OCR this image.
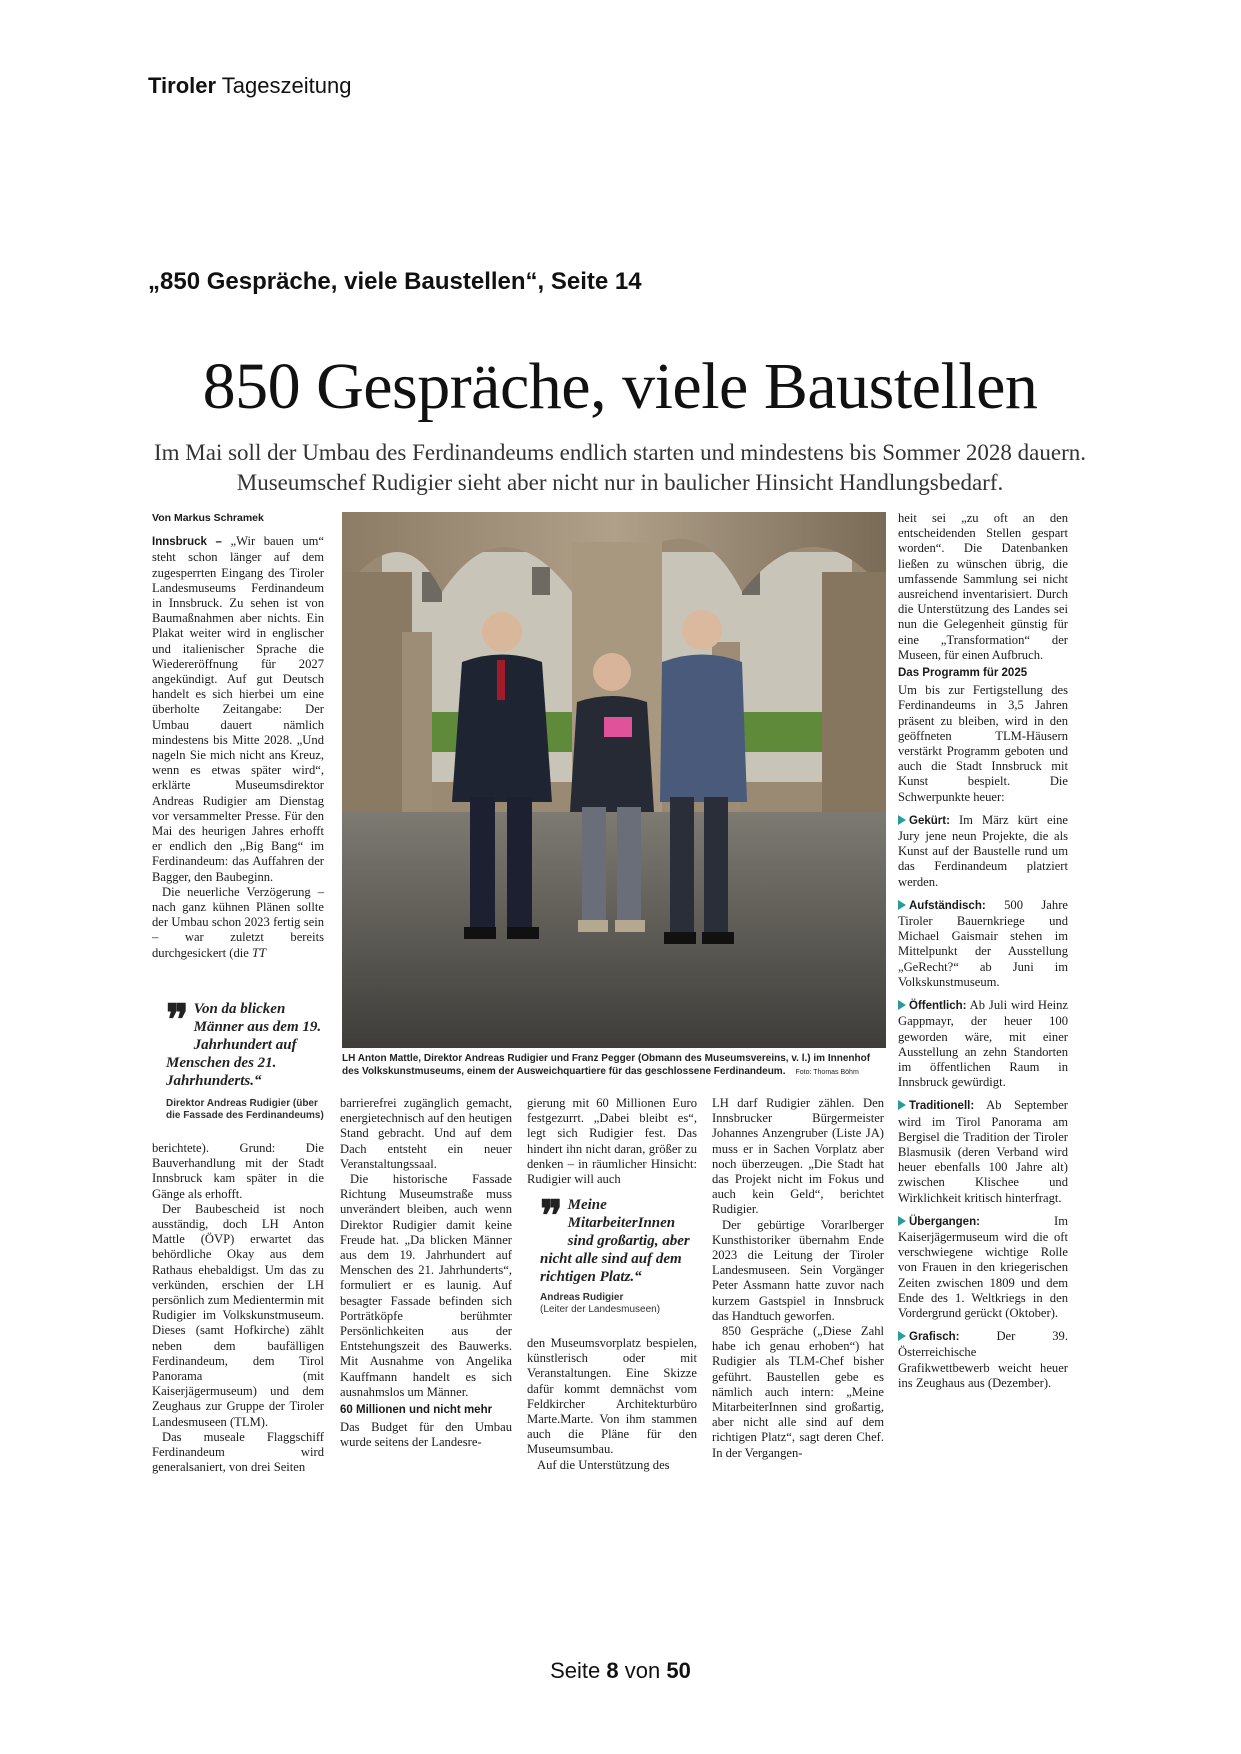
Tiroler Tageszeitung
„850 Gespräche, viele Baustellen“, Seite 14
850 Gespräche, viele Baustellen
Im Mai soll der Umbau des Ferdinandeums endlich starten und mindestens bis Sommer 2028 dauern. Museumschef Rudigier sieht aber nicht nur in baulicher Hinsicht Handlungsbedarf.
Von Markus Schramek

Innsbruck – „Wir bauen um“ steht schon länger auf dem zugesperrten Eingang des Tiroler Landesmuseums Ferdinandeum in Innsbruck. Zu sehen ist von Baumaßnahmen aber nichts. Ein Plakat weiter wird in englischer und italienischer Sprache die Wiedereröffnung für 2027 angekündigt. Auf gut Deutsch handelt es sich hierbei um eine überholte Zeitangabe: Der Umbau dauert nämlich mindestens bis Mitte 2028. „Und nageln Sie mich nicht ans Kreuz, wenn es etwas später wird“, erklärte Museumsdirektor Andreas Rudigier am Dienstag vor versammelter Presse. Für den Mai des heurigen Jahres erhofft er endlich den „Big Bang“ im Ferdinandeum: das Auffahren der Bagger, den Baubeginn.

Die neuerliche Verzögerung – nach ganz kühnen Plänen sollte der Umbau schon 2023 fertig sein – war zuletzt bereits durchgesickert (die TT

❞ Von da blicken Männer aus dem 19. Jahrhundert auf Menschen des 21. Jahrhunderts.“
Direktor Andreas Rudigier (über die Fassade des Ferdinandeums)

berichtete). Grund: Die Bauverhandlung mit der Stadt Innsbruck kam später in die Gänge als erhofft.

Der Baubescheid ist noch ausständig, doch LH Anton Mattle (ÖVP) erwartet das behördliche Okay aus dem Rathaus ehebaldigst. Um das zu verkünden, erschien der LH persönlich zum Medientermin mit Rudigier im Volkskunstmuseum. Dieses (samt Hofkirche) zählt neben dem baufälligen Ferdinandeum, dem Tirol Panorama (mit Kaiserjägermuseum) und dem Zeughaus zur Gruppe der Tiroler Landesmuseen (TLM).

Das museale Flaggschiff Ferdinandeum wird generalsaniert, von drei Seiten

LH Anton Mattle, Direktor Andreas Rudigier und Franz Pegger (Obmann des Museumsvereins, v. l.) im Innenhof des Volkskunstmuseums, einem der Ausweichquartiere für das geschlossene Ferdinandeum. Foto: Thomas Böhm

barrierefrei zugänglich gemacht, energietechnisch auf den heutigen Stand gebracht. Und auf dem Dach entsteht ein neuer Veranstaltungssaal.

Die historische Fassade Richtung Museumstraße muss unverändert bleiben, auch wenn Direktor Rudigier damit keine Freude hat. „Da blicken Männer aus dem 19. Jahrhundert auf Menschen des 21. Jahrhunderts“, formuliert er es launig. Auf besagter Fassade befinden sich Porträtköpfe berühmter Persönlichkeiten aus der Entstehungszeit des Bauwerks. Mit Ausnahme von Angelika Kauffmann handelt es sich ausnahmslos um Männer.

60 Millionen und nicht mehr

Das Budget für den Umbau wurde seitens der Landesre-

gierung mit 60 Millionen Euro festgezurrt. „Dabei bleibt es“, legt sich Rudigier fest. Das hindert ihn nicht daran, größer zu denken – in räumlicher Hinsicht: Rudigier will auch

❞ Meine MitarbeiterInnen sind großartig, aber nicht alle sind auf dem richtigen Platz.“
Andreas Rudigier
(Leiter der Landesmuseen)

den Museumsvorplatz bespielen, künstlerisch oder mit Veranstaltungen. Eine Skizze dafür kommt demnächst vom Feldkircher Architekturbüro Marte.Marte. Von ihm stammen auch die Pläne für den Museumsumbau.

Auf die Unterstützung des

LH darf Rudigier zählen. Den Innsbrucker Bürgermeister Johannes Anzengruber (Liste JA) muss er in Sachen Vorplatz aber noch überzeugen. „Die Stadt hat das Projekt nicht im Fokus und auch kein Geld“, berichtet Rudigier.

Der gebürtige Vorarlberger Kunsthistoriker übernahm Ende 2023 die Leitung der Tiroler Landesmuseen. Sein Vorgänger Peter Assmann hatte zuvor nach kurzem Gastspiel in Innsbruck das Handtuch geworfen.

850 Gespräche („Diese Zahl habe ich genau erhoben“) hat Rudigier als TLM-Chef bisher geführt. Baustellen gebe es nämlich auch intern: „Meine MitarbeiterInnen sind großartig, aber nicht alle sind auf dem richtigen Platz“, sagt deren Chef. In der Vergangen-

heit sei „zu oft an den entscheidenden Stellen gespart worden“. Die Datenbanken ließen zu wünschen übrig, die umfassende Sammlung sei nicht ausreichend inventarisiert. Durch die Unterstützung des Landes sei nun die Gelegenheit günstig für eine „Transformation“ der Museen, für einen Aufbruch.

Das Programm für 2025

Um bis zur Fertigstellung des Ferdinandeums in 3,5 Jahren präsent zu bleiben, wird in den geöffneten TLM-Häusern verstärkt Programm geboten und auch die Stadt Innsbruck mit Kunst bespielt. Die Schwerpunkte heuer:

Gekürt: Im März kürt eine Jury jene neun Projekte, die als Kunst auf der Baustelle rund um das Ferdinandeum platziert werden.

Aufständisch: 500 Jahre Tiroler Bauernkriege und Michael Gaismair stehen im Mittelpunkt der Ausstellung „GeRecht?“ ab Juni im Volkskunstmuseum.

Öffentlich: Ab Juli wird Heinz Gappmayr, der heuer 100 geworden wäre, mit einer Ausstellung an zehn Standorten im öffentlichen Raum in Innsbruck gewürdigt.

Traditionell: Ab September wird im Tirol Panorama am Bergisel die Tradition der Tiroler Blasmusik (deren Verband wird heuer ebenfalls 100 Jahre alt) zwischen Klischee und Wirklichkeit kritisch hinterfragt.

Übergangen:	Im Kaiserjägermuseum wird die oft verschwiegene wichtige Rolle von Frauen in den kriegerischen Zeiten zwischen 1809 und dem Ende des 1. Weltkriegs in den Vordergrund gerückt (Oktober).

Grafisch:	Der 39. Österreichische Grafikwettbewerb weicht heuer ins Zeughaus aus (Dezember).

Seite 8 von 50
